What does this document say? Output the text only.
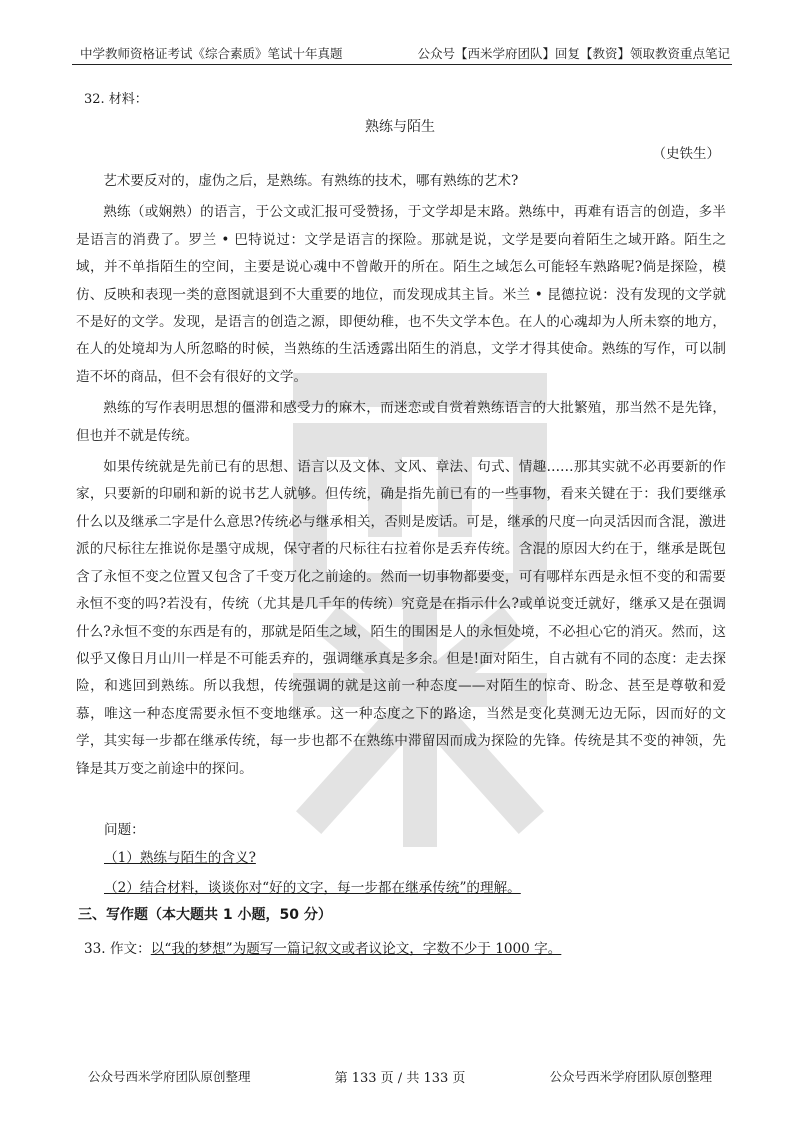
中学教师资格证考试《综合素质》笔试十年真题	公众号【西米学府团队】回复【教资】领取教资重点笔记
32. 材料：
熟练与陌生
（史铁生）

艺术要反对的，虚伪之后，是熟练。有熟练的技术，哪有熟练的艺术?

熟练（或娴熟）的语言，于公文或汇报可受赞扬，于文学却是末路。熟练中，再难有语言的创造，多半是语言的消费了。罗兰 • 巴特说过：文学是语言的探险。那就是说，文学是要向着陌生之域开路。陌生之域，并不单指陌生的空间，主要是说心魂中不曾敞开的所在。陌生之域怎么可能轻车熟路呢?倘是探险，模仿、反映和表现一类的意图就退到不大重要的地位，而发现成其主旨。米兰 • 昆德拉说：没有发现的文学就不是好的文学。发现，是语言的创造之源，即便幼稚，也不失文学本色。在人的心魂却为人所未察的地方，在人的处境却为人所忽略的时候，当熟练的生活透露出陌生的消息，文学才得其使命。熟练的写作，可以制造不坏的商品，但不会有很好的文学。

熟练的写作表明思想的僵滞和感受力的麻木，而迷恋或自赏着熟练语言的大批繁殖，那当然不是先锋，但也并不就是传统。

如果传统就是先前已有的思想、语言以及文体、文风、章法、句式、情趣……那其实就不必再要新的作家，只要新的印刷和新的说书艺人就够。但传统，确是指先前已有的一些事物，看来关键在于：我们要继承什么以及继承二字是什么意思?传统必与继承相关，否则是废话。可是，继承的尺度一向灵活因而含混，激进派的尺标往左推说你是墨守成规，保守者的尺标往右拉着你是丢弃传统。含混的原因大约在于，继承是既包含了永恒不变之位置又包含了千变万化之前途的。然而一切事物都要变，可有哪样东西是永恒不变的和需要永恒不变的吗?若没有，传统（尤其是几千年的传统）究竟是在指示什么?或单说变迁就好，继承又是在强调什么?永恒不变的东西是有的，那就是陌生之域，陌生的围困是人的永恒处境，不必担心它的消灭。然而，这似乎又像日月山川一样是不可能丢弃的，强调继承真是多余。但是!面对陌生，自古就有不同的态度：走去探险，和逃回到熟练。所以我想，传统强调的就是这前一种态度——对陌生的惊奇、盼念、甚至是尊敬和爱慕，唯这一种态度需要永恒不变地继承。这一种态度之下的路途，当然是变化莫测无边无际，因而好的文学，其实每一步都在继承传统，每一步也都不在熟练中滞留因而成为探险的先锋。传统是其不变的神领，先锋是其万变之前途中的探问。

问题：
（1）熟练与陌生的含义?
（2）结合材料，谈谈你对“好的文字，每一步都在继承传统”的理解。
三、写作题（本大题共 1 小题，50 分）
33. 作文：以“我的梦想”为题写一篇记叙文或者议论文，字数不少于 1000 字。
公众号西米学府团队原创整理	第 133 页 / 共 133 页	公众号西米学府团队原创整理
